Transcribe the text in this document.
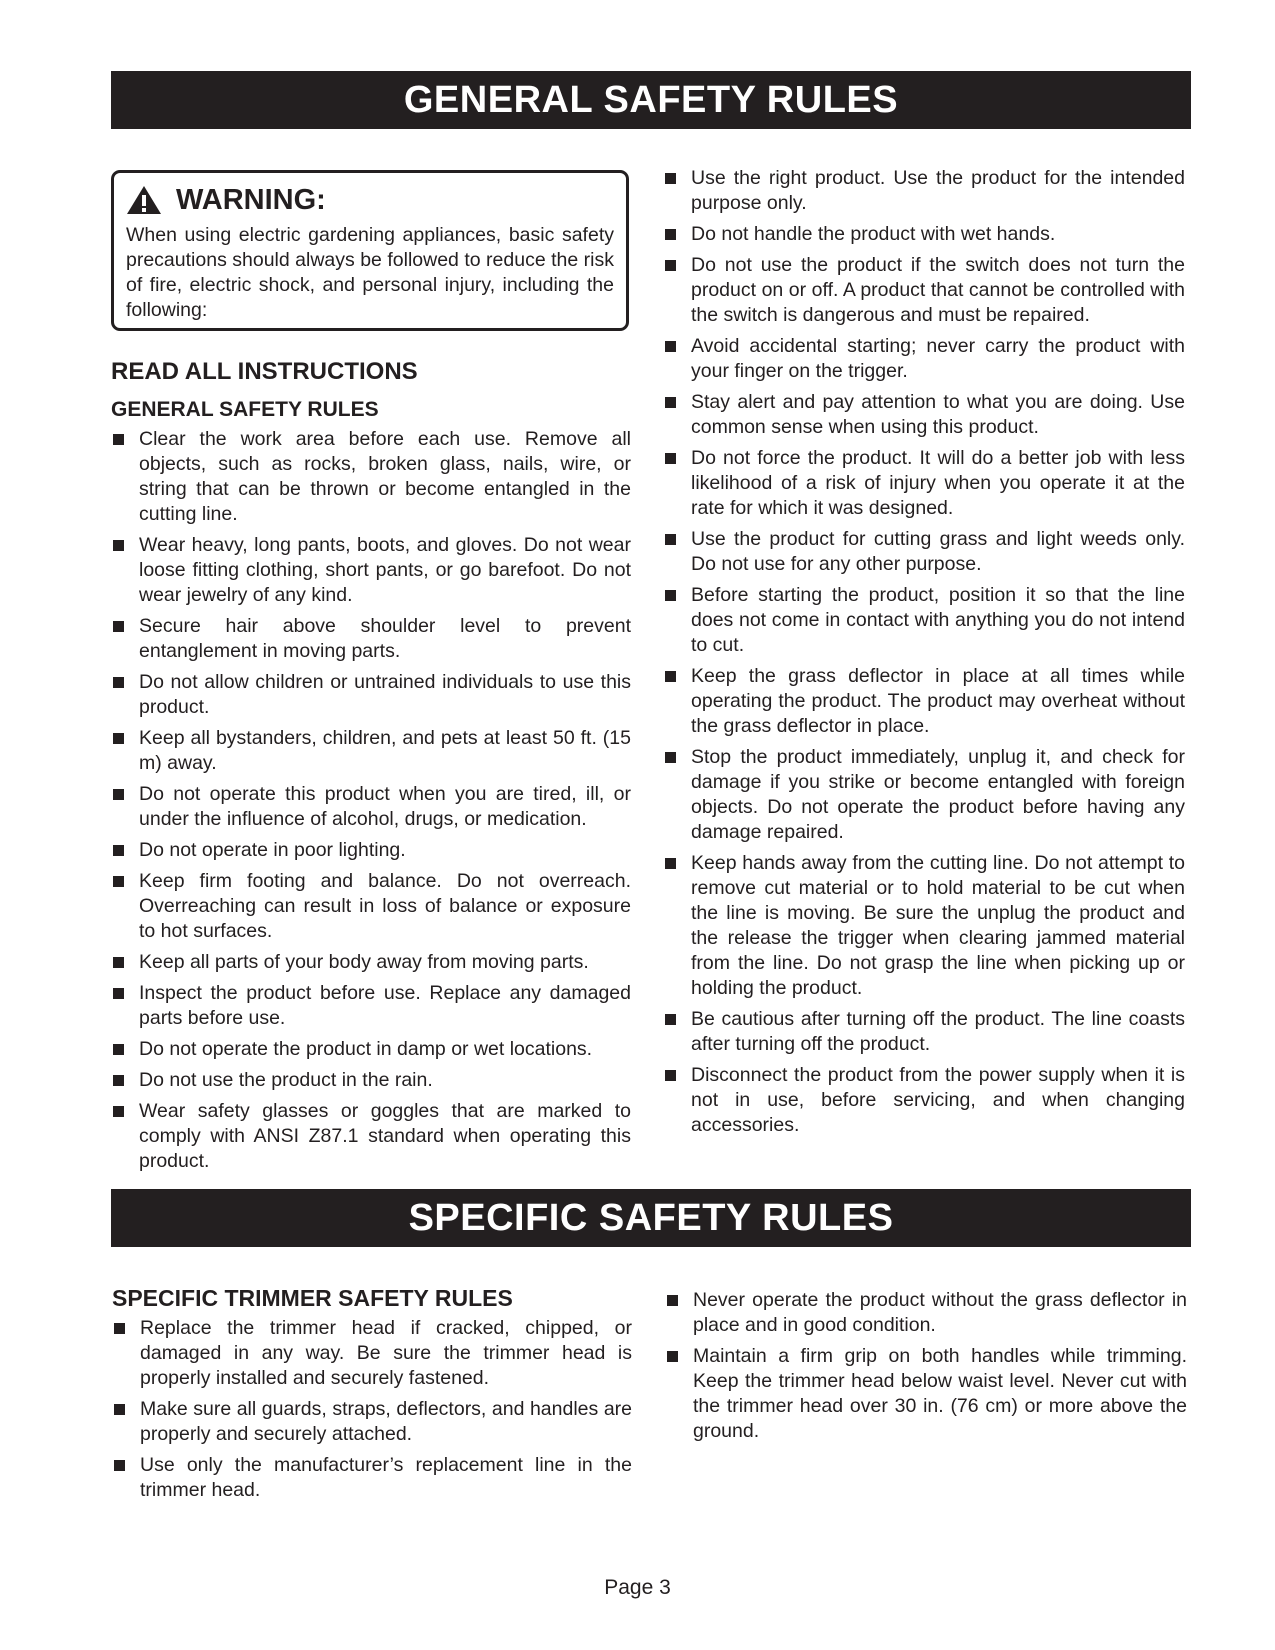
GENERAL SAFETY RULES
WARNING:
When using electric gardening appliances, basic safety precautions should always be followed to reduce the risk of fire, electric shock, and personal injury, including the following:
READ ALL INSTRUCTIONS
GENERAL SAFETY RULES
Clear the work area before each use. Remove all objects, such as rocks, broken glass, nails, wire, or string that can be thrown or become entangled in the cutting line.
Wear heavy, long pants, boots, and gloves. Do not wear loose fitting clothing, short pants, or go barefoot. Do not wear jewelry of any kind.
Secure hair above shoulder level to prevent entanglement in moving parts.
Do not allow children or untrained individuals to use this product.
Keep all bystanders, children, and pets at least 50 ft. (15 m) away.
Do not operate this product when you are tired, ill, or under the influence of alcohol, drugs, or medication.
Do not operate in poor lighting.
Keep firm footing and balance. Do not overreach. Overreaching can result in loss of balance or exposure to hot surfaces.
Keep all parts of your body away from moving parts.
Inspect the product before use. Replace any damaged parts before use.
Do not operate the product in damp or wet locations.
Do not use the product in the rain.
Wear safety glasses or goggles that are marked to comply with ANSI Z87.1 standard when operating this product.
Use the right product. Use the product for the intended purpose only.
Do not handle the product with wet hands.
Do not use the product if the switch does not turn the product on or off. A product that cannot be controlled with the switch is dangerous and must be repaired.
Avoid accidental starting; never carry the product with your finger on the trigger.
Stay alert and pay attention to what you are doing. Use common sense when using this product.
Do not force the product. It will do a better job with less likelihood of a risk of injury when you operate it at the rate for which it was designed.
Use the product for cutting grass and light weeds only. Do not use for any other purpose.
Before starting the product, position it so that the line does not come in contact with anything you do not intend to cut.
Keep the grass deflector in place at all times while operating the product. The product may overheat without the grass deflector in place.
Stop the product immediately, unplug it, and check for damage if you strike or become entangled with foreign objects. Do not operate the product before having any damage repaired.
Keep hands away from the cutting line. Do not attempt to remove cut material or to hold material to be cut when the line is moving. Be sure the unplug the product and the release the trigger when clearing jammed material from the line. Do not grasp the line when picking up or holding the product.
Be cautious after turning off the product. The line coasts after turning off the product.
Disconnect the product from the power supply when it is not in use, before servicing, and when changing accessories.
SPECIFIC SAFETY RULES
SPECIFIC TRIMMER SAFETY RULES
Replace the trimmer head if cracked, chipped, or damaged in any way. Be sure the trimmer head is properly installed and securely fastened.
Make sure all guards, straps, deflectors, and handles are properly and securely attached.
Use only the manufacturer’s replacement line in the trimmer head.
Never operate the product without the grass deflector in place and in good condition.
Maintain a firm grip on both handles while trimming. Keep the trimmer head below waist level. Never cut with the trimmer head over 30 in. (76 cm) or more above the ground.
Page 3
